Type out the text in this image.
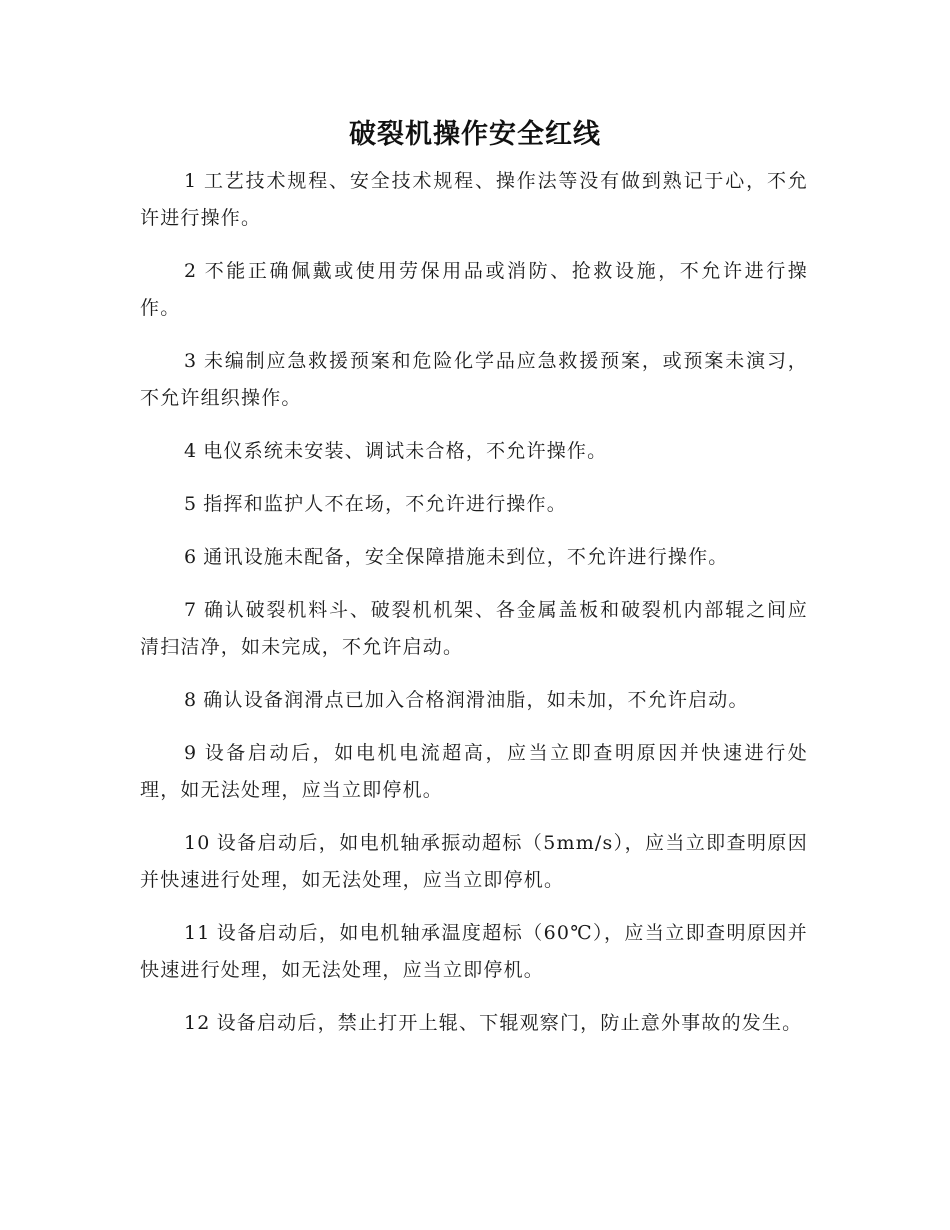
破裂机操作安全红线

1 工艺技术规程、安全技术规程、操作法等没有做到熟记于心，不允许进行操作。

2 不能正确佩戴或使用劳保用品或消防、抢救设施，不允许进行操作。

3 未编制应急救援预案和危险化学品应急救援预案，或预案未演习，不允许组织操作。

4 电仪系统未安装、调试未合格，不允许操作。

5 指挥和监护人不在场，不允许进行操作。

6 通讯设施未配备，安全保障措施未到位，不允许进行操作。

7 确认破裂机料斗、破裂机机架、各金属盖板和破裂机内部辊之间应清扫洁净，如未完成，不允许启动。

8 确认设备润滑点已加入合格润滑油脂，如未加，不允许启动。

9 设备启动后，如电机电流超高，应当立即查明原因并快速进行处理，如无法处理，应当立即停机。

10 设备启动后，如电机轴承振动超标（5mm/s），应当立即查明原因并快速进行处理，如无法处理，应当立即停机。

11 设备启动后，如电机轴承温度超标（60℃），应当立即查明原因并快速进行处理，如无法处理，应当立即停机。

12 设备启动后，禁止打开上辊、下辊观察门，防止意外事故的发生。
